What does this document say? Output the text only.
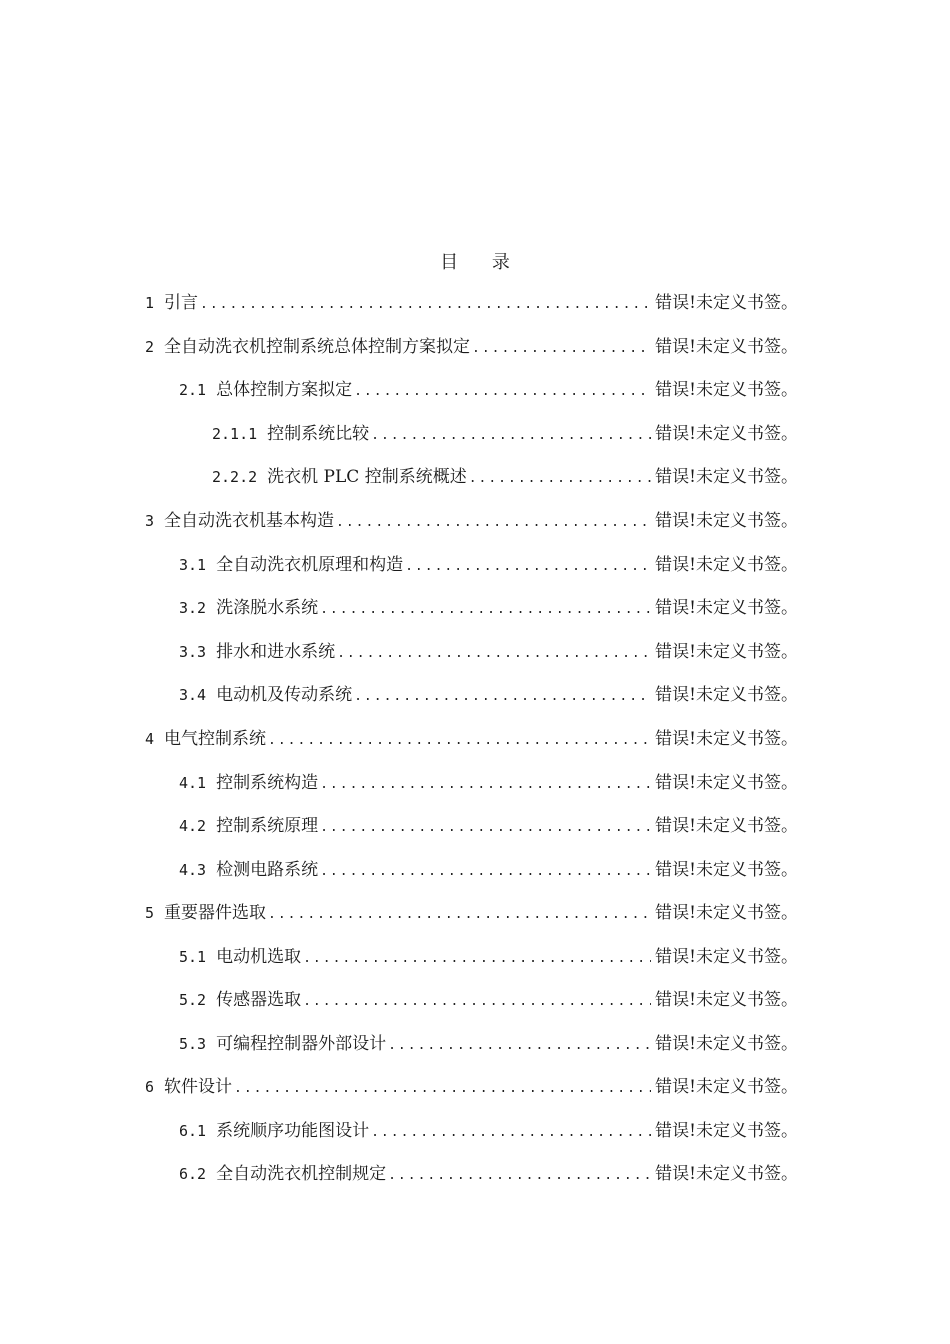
目 录
1 引言 .....	错误!未定义书签。
2 全自动洗衣机控制系统总体控制方案拟定 .....	错误!未定义书签。
2.1 总体控制方案拟定 .....	错误!未定义书签。
2.1.1 控制系统比较 .....	错误!未定义书签。
2.2.2 洗衣机 PLC 控制系统概述 .....	错误!未定义书签。
3 全自动洗衣机基本构造 .....	错误!未定义书签。
3.1 全自动洗衣机原理和构造 .....	错误!未定义书签。
3.2 洗涤脱水系统 .....	错误!未定义书签。
3.3 排水和进水系统 .....	错误!未定义书签。
3.4 电动机及传动系统 .....	错误!未定义书签。
4 电气控制系统 .....	错误!未定义书签。
4.1 控制系统构造 .....	错误!未定义书签。
4.2 控制系统原理 .....	错误!未定义书签。
4.3 检测电路系统 .....	错误!未定义书签。
5 重要器件选取 .....	错误!未定义书签。
5.1 电动机选取 .....	错误!未定义书签。
5.2 传感器选取 .....	错误!未定义书签。
5.3 可编程控制器外部设计 .....	错误!未定义书签。
6 软件设计 .....	错误!未定义书签。
6.1 系统顺序功能图设计 .....	错误!未定义书签。
6.2 全自动洗衣机控制规定 .....	错误!未定义书签。
